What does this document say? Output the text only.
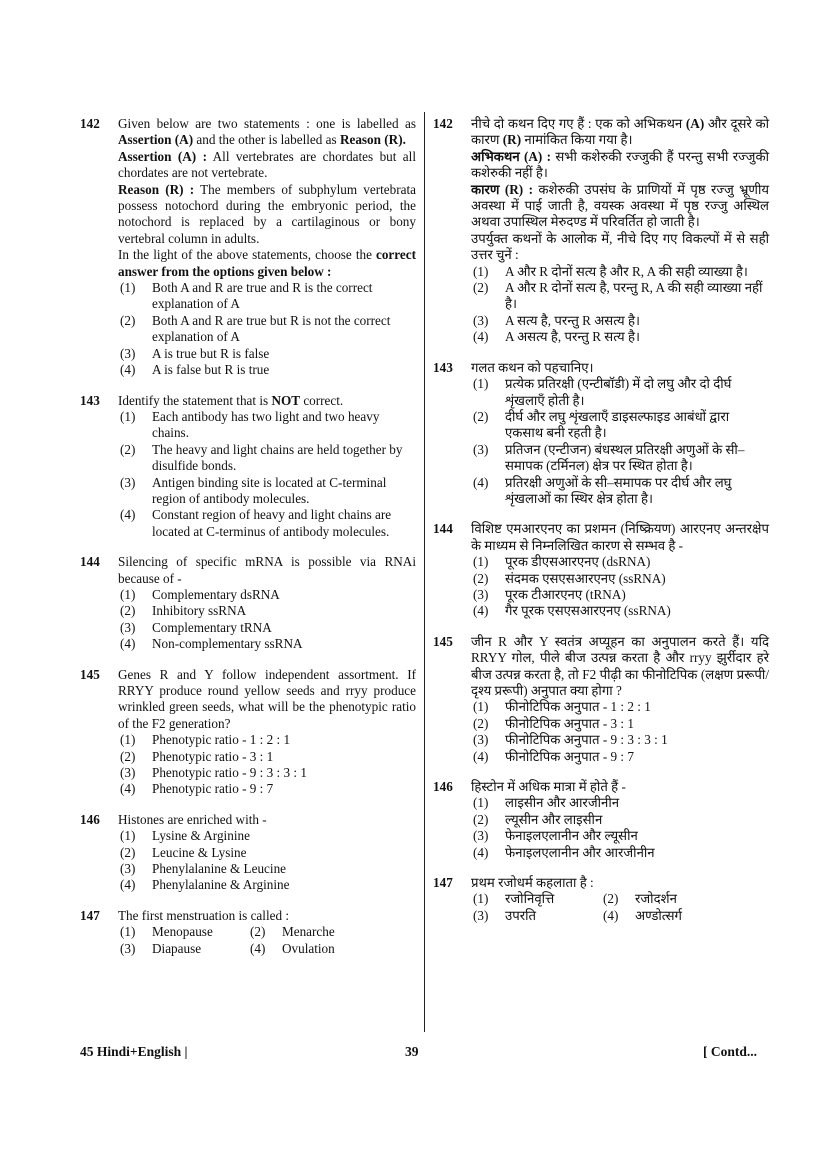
142 Given below are two statements : one is labelled as Assertion (A) and the other is labelled as Reason (R).

Assertion (A) : All vertebrates are chordates but all chordates are not vertebrate.

Reason (R) : The members of subphylum vertebrata possess notochord during the embryonic period, the notochord is replaced by a cartilaginous or bony vertebral column in adults.

In the light of the above statements, choose the correct answer from the options given below :

(1) Both A and R are true and R is the correct explanation of A
(2) Both A and R are true but R is not the correct explanation of A
(3) A is true but R is false
(4) A is false but R is true
143 Identify the statement that is NOT correct.

(1) Each antibody has two light and two heavy chains.
(2) The heavy and light chains are held together by disulfide bonds.
(3) Antigen binding site is located at C-terminal region of antibody molecules.
(4) Constant region of heavy and light chains are located at C-terminus of antibody molecules.
144 Silencing of specific mRNA is possible via RNAi because of -

(1) Complementary dsRNA
(2) Inhibitory ssRNA
(3) Complementary tRNA
(4) Non-complementary ssRNA
145 Genes R and Y follow independent assortment. If RRYY produce round yellow seeds and rryy produce wrinkled green seeds, what will be the phenotypic ratio of the F2 generation?

(1) Phenotypic ratio - 1 : 2 : 1
(2) Phenotypic ratio - 3 : 1
(3) Phenotypic ratio - 9 : 3 : 3 : 1
(4) Phenotypic ratio - 9 : 7
146 Histones are enriched with -

(1) Lysine & Arginine
(2) Leucine & Lysine
(3) Phenylalanine & Leucine
(4) Phenylalanine & Arginine
147 The first menstruation is called :

(1) Menopause	(2) Menarche
(3) Diapause	(4) Ovulation
142 नीचे दो कथन दिए गए हैं : एक को अभिकथन (A) और दूसरे को कारण (R) नामांकित किया गया है।

अभिकथन (A) : सभी कशेरुकी रज्जुकी हैं परन्तु सभी रज्जुकी कशेरुकी नहीं है।

कारण (R) : कशेरुकी उपसंघ के प्राणियों में पृष्ठ रज्जु भ्रूणीय अवस्था में पाई जाती है, वयस्क अवस्था में पृष्ठ रज्जु अस्थिल अथवा उपास्थिल मेरुदण्ड में परिवर्तित हो जाती है।

उपर्युक्त कथनों के आलोक में, नीचे दिए गए विकल्पों में से सही उत्तर चुनें :

(1) A और R दोनों सत्य है और R, A की सही व्याख्या है।
(2) A और R दोनों सत्य है, परन्तु R, A की सही व्याख्या नहीं है।
(3) A सत्य है, परन्तु R असत्य है।
(4) A असत्य है, परन्तु R सत्य है।
143 गलत कथन को पहचानिए।

(1) प्रत्येक प्रतिरक्षी (एन्टीबॉडी) में दो लघु और दो दीर्घ शृंखलाएँ होती है।
(2) दीर्घ और लघु शृंखलाएँ डाइसल्फाइड आबंधों द्वारा एकसाथ बनी रहती है।
(3) प्रतिजन (एन्टीजन) बंधस्थल प्रतिरक्षी अणुओं के सी–समापक (टर्मिनल) क्षेत्र पर स्थित होता है।
(4) प्रतिरक्षी अणुओं के सी–समापक पर दीर्घ और लघु शृंखलाओं का स्थिर क्षेत्र होता है।
144 विशिष्ट एमआरएनए का प्रशमन (निष्क्रियण) आरएनए अन्तरक्षेप के माध्यम से निम्नलिखित कारण से सम्भव है -

(1) पूरक डीएसआरएनए (dsRNA)
(2) संदमक एसएसआरएनए (ssRNA)
(3) पूरक टीआरएनए (tRNA)
(4) गैर पूरक एसएसआरएनए (ssRNA)
145 जीन R और Y स्वतंत्र अप्यूहन का अनुपालन करते हैं। यदि RRYY गोल, पीले बीज उत्पन्न करता है और rryy झुर्रीदार हरे बीज उत्पन्न करता है, तो F2 पीढ़ी का फीनोटिपिक (लक्षण प्ररूपी/दृश्य प्ररूपी) अनुपात क्या होगा ?

(1) फीनोटिपिक अनुपात - 1 : 2 : 1
(2) फीनोटिपिक अनुपात - 3 : 1
(3) फीनोटिपिक अनुपात - 9 : 3 : 3 : 1
(4) फीनोटिपिक अनुपात - 9 : 7
146 हिस्टोन में अधिक मात्रा में होते हैं -

(1) लाइसीन और आरजीनीन
(2) ल्यूसीन और लाइसीन
(3) फेनाइलएलानीन और ल्यूसीन
(4) फेनाइलएलानीन और आरजीनीन
147 प्रथम रजोधर्म कहलाता है :

(1) रजोनिवृत्ति	(2) रजोदर्शन
(3) उपरति	(4) अण्डोत्सर्ग
45 Hindi+English |	39	[ Contd...
